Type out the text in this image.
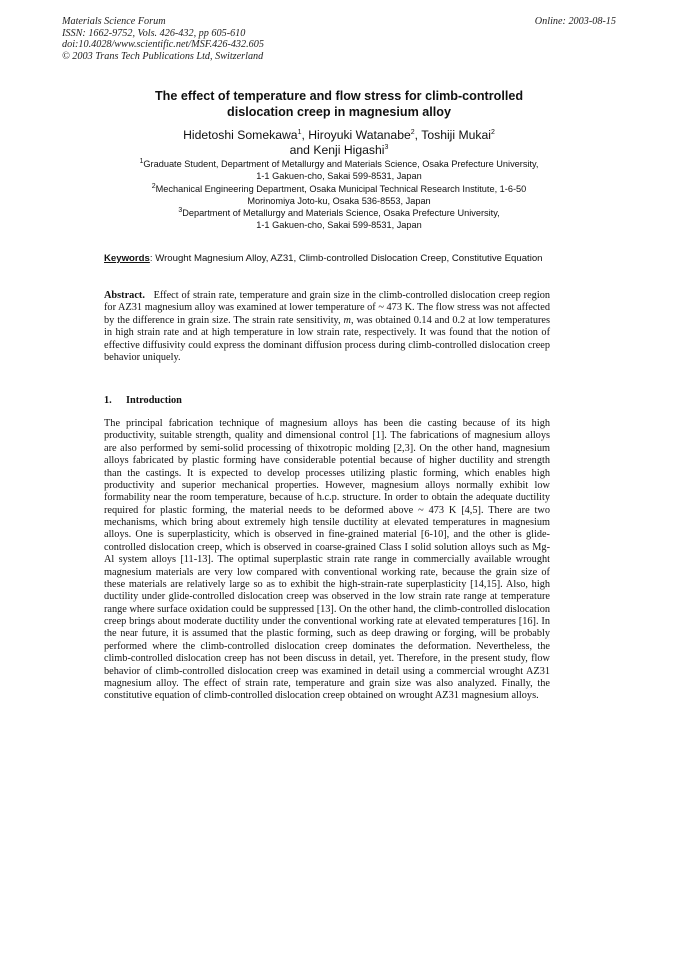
Materials Science Forum
ISSN: 1662-9752, Vols. 426-432, pp 605-610
doi:10.4028/www.scientific.net/MSF.426-432.605
© 2003 Trans Tech Publications Ltd, Switzerland
Online: 2003-08-15
The effect of temperature and flow stress for climb-controlled
dislocation creep in magnesium alloy
Hidetoshi Somekawa$^1$, Hiroyuki Watanabe$^2$, Toshiji Mukai$^2$
and Kenji Higashi$^3$
$^1$Graduate Student, Department of Metallurgy and Materials Science, Osaka Prefecture University,
1-1 Gakuen-cho, Sakai 599-8531, Japan
$^2$Mechanical Engineering Department, Osaka Municipal Technical Research Institute, 1-6-50
Morinomiya Joto-ku, Osaka 536-8553, Japan
$^3$Department of Metallurgy and Materials Science, Osaka Prefecture University,
1-1 Gakuen-cho, Sakai 599-8531, Japan
Keywords: Wrought Magnesium Alloy, AZ31, Climb-controlled Dislocation Creep, Constitutive Equation
Abstract. Effect of strain rate, temperature and grain size in the climb-controlled dislocation creep region for AZ31 magnesium alloy was examined at lower temperature of ~ 473 K. The flow stress was not affected by the difference in grain size. The strain rate sensitivity, m, was obtained 0.14 and 0.2 at low temperatures in high strain rate and at high temperature in low strain rate, respectively. It was found that the notion of effective diffusivity could express the dominant diffusion process during climb-controlled dislocation creep behavior uniquely.
1. Introduction
The principal fabrication technique of magnesium alloys has been die casting because of its high productivity, suitable strength, quality and dimensional control [1]. The fabrications of magnesium alloys are also performed by semi-solid processing of thixotropic molding [2,3]. On the other hand, magnesium alloys fabricated by plastic forming have considerable potential because of higher ductility and strength than the castings. It is expected to develop processes utilizing plastic forming, which enables high productivity and superior mechanical properties. However, magnesium alloys normally exhibit low formability near the room temperature, because of h.c.p. structure. In order to obtain the adequate ductility required for plastic forming, the material needs to be deformed above ~ 473 K [4,5]. There are two mechanisms, which bring about extremely high tensile ductility at elevated temperatures in magnesium alloys. One is superplasticity, which is observed in fine-grained material [6-10], and the other is glide-controlled dislocation creep, which is observed in coarse-grained Class I solid solution alloys such as Mg-Al system alloys [11-13]. The optimal superplastic strain rate range in commercially available wrought magnesium materials are very low compared with conventional working rate, because the grain size of these materials are relatively large so as to exhibit the high-strain-rate superplasticity [14,15]. Also, high ductility under glide-controlled dislocation creep was observed in the low strain rate range at temperature range where surface oxidation could be suppressed [13]. On the other hand, the climb-controlled dislocation creep brings about moderate ductility under the conventional working rate at elevated temperatures [16]. In the near future, it is assumed that the plastic forming, such as deep drawing or forging, will be probably performed where the climb-controlled dislocation creep dominates the deformation. Nevertheless, the climb-controlled dislocation creep has not been discuss in detail, yet. Therefore, in the present study, flow behavior of climb-controlled dislocation creep was examined in detail using a commercial wrought AZ31 magnesium alloy. The effect of strain rate, temperature and grain size was also analyzed. Finally, the constitutive equation of climb-controlled dislocation creep obtained on wrought AZ31 magnesium alloys.
